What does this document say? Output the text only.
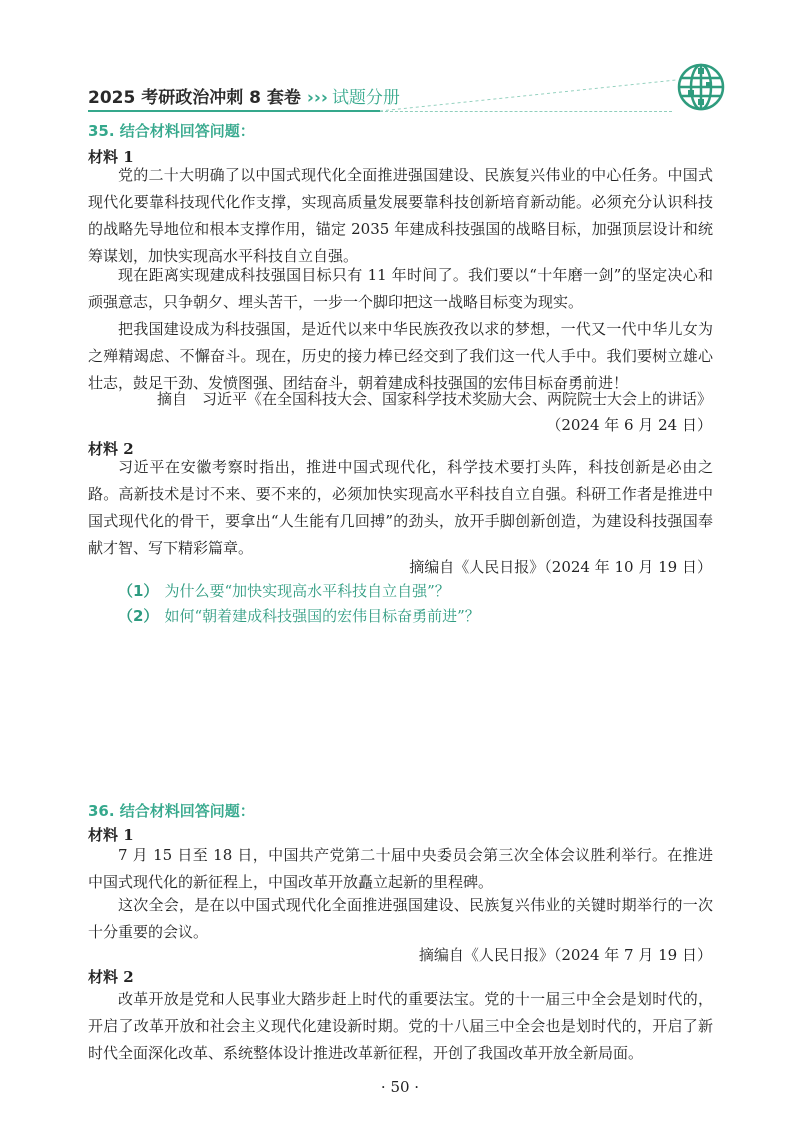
2025 考研政治冲刺 8 套卷 ››› 试题分册
35. 结合材料回答问题：
材料 1

党的二十大明确了以中国式现代化全面推进强国建设、民族复兴伟业的中心任务。中国式现代化要靠科技现代化作支撑，实现高质量发展要靠科技创新培育新动能。必须充分认识科技的战略先导地位和根本支撑作用，锚定 2035 年建成科技强国的战略目标，加强顶层设计和统筹谋划，加快实现高水平科技自立自强。

现在距离实现建成科技强国目标只有 11 年时间了。我们要以“十年磨一剑”的坚定决心和顽强意志，只争朝夕、埋头苦干，一步一个脚印把这一战略目标变为现实。

把我国建设成为科技强国，是近代以来中华民族孜孜以求的梦想，一代又一代中华儿女为之殚精竭虑、不懈奋斗。现在，历史的接力棒已经交到了我们这一代人手中。我们要树立雄心壮志，鼓足干劲、发愤图强、团结奋斗，朝着建成科技强国的宏伟目标奋勇前进！

摘自　习近平《在全国科技大会、国家科学技术奖励大会、两院院士大会上的讲话》
（2024 年 6 月 24 日）
材料 2

习近平在安徽考察时指出，推进中国式现代化，科学技术要打头阵，科技创新是必由之路。高新技术是讨不来、要不来的，必须加快实现高水平科技自立自强。科研工作者是推进中国式现代化的骨干，要拿出“人生能有几回搏”的劲头，放开手脚创新创造，为建设科技强国奉献才智、写下精彩篇章。

摘编自《人民日报》（2024 年 10 月 19 日）
（1） 为什么要“加快实现高水平科技自立自强”？
（2） 如何“朝着建成科技强国的宏伟目标奋勇前进”？
36. 结合材料回答问题：
材料 1

7 月 15 日至 18 日，中国共产党第二十届中央委员会第三次全体会议胜利举行。在推进中国式现代化的新征程上，中国改革开放矗立起新的里程碑。

这次全会，是在以中国式现代化全面推进强国建设、民族复兴伟业的关键时期举行的一次十分重要的会议。

摘编自《人民日报》（2024 年 7 月 19 日）
材料 2

改革开放是党和人民事业大踏步赶上时代的重要法宝。党的十一届三中全会是划时代的，开启了改革开放和社会主义现代化建设新时期。党的十八届三中全会也是划时代的，开启了新时代全面深化改革、系统整体设计推进改革新征程，开创了我国改革开放全新局面。

· 50 ·
